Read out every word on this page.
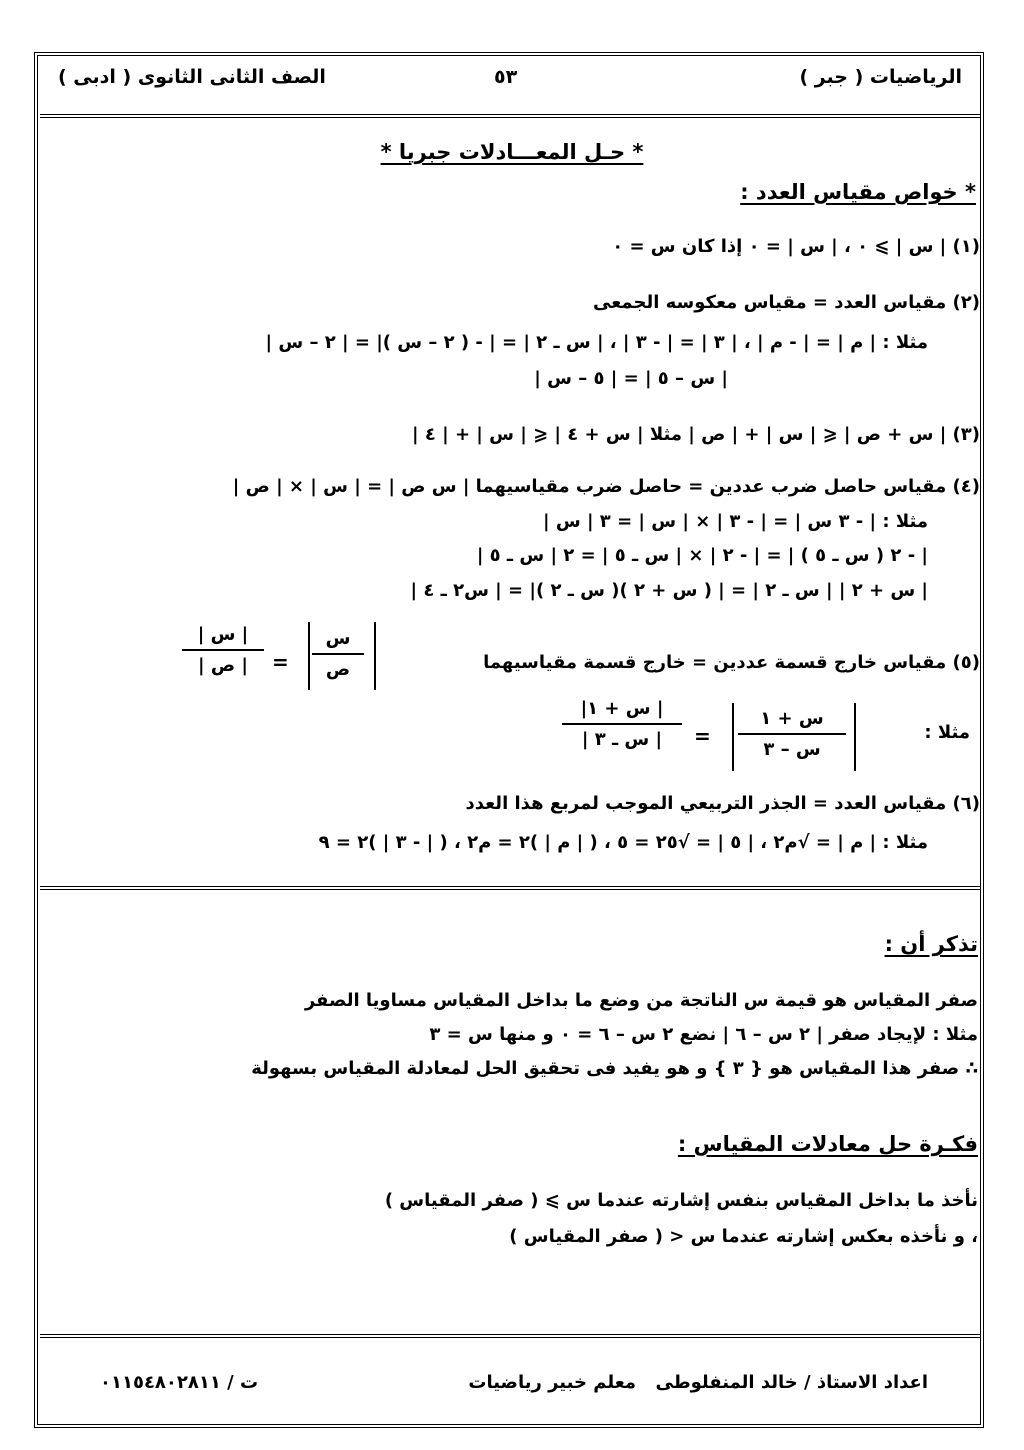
الرياضيات ( جبر )
٥٣
الصف الثانى الثانوى ( ادبى )
* حـل المعـــادلات جبريا *
* خواص مقياس العدد :
(١) | س | ⩾ ٠ ، | س | = ٠ إذا كان س = ٠
(٢) مقياس العدد = مقياس معكوسه الجمعى
مثلا : | ﻡ | = | - ﻡ | ، | ٣ | = | - ٣ | ، | س ـ ٢ | = | - ( ٢ – س )| = | ٢ – س |
| س – ٥ | = | ٥ – س |
(٣) | س + ص | ⩽ | س | + | ص | مثلا | س + ٤ | ⩽ | س | + | ٤ |
(٤) مقياس حاصل ضرب عددين = حاصل ضرب مقياسيهما | س ص | = | س | × | ص |
مثلا : | - ٣ س | = | - ٣ | × | س | = ٣ | س |
| - ٢ ( س ـ ٥ ) | = | - ٢ | × | س ـ ٥ | = ٢ | س ـ ٥ |
| س + ٢ | | س ـ ٢ | = | ( س + ٢ )( س ـ ٢ )| = | س٢ ـ ٤ |
(٥) مقياس خارج قسمة عددين = خارج قسمة مقياسيهما
س
ص
=
| س |
| ص |
مثلا :
س + ١
س – ٣
=
| س + ١|
| س ـ ٣ |
(٦) مقياس العدد = الجذر التربيعي الموجب لمربع هذا العدد
مثلا : | ﻡ | = √ﻡ٢ ، | ٥ | = √٢٥ = ٥ ، ( | ﻡ | )٢ = ﻡ٢ ، ( | - ٣ | )٢ = ٩
تذكر أن :
صفر المقياس هو قيمة س الناتجة من وضع ما بداخل المقياس مساويا الصفر
مثلا : لإيجاد صفر | ٢ س – ٦ | نضع ٢ س – ٦ = ٠ و منها س = ٣
∴ صفر هذا المقياس هو { ٣ } و هو يفيد فى تحقيق الحل لمعادلة المقياس بسهولة
فكـرة حل معادلات المقياس :
نأخذ ما بداخل المقياس بنفس إشارته عندما س ⩾ ( صفر المقياس )
، و نأخذه بعكس إشارته عندما س < ( صفر المقياس )
اعداد الاستاذ / خالد المنفلوطى
معلم خبير رياضيات
ت / ٠١١٥٤٨٠٢٨١١
